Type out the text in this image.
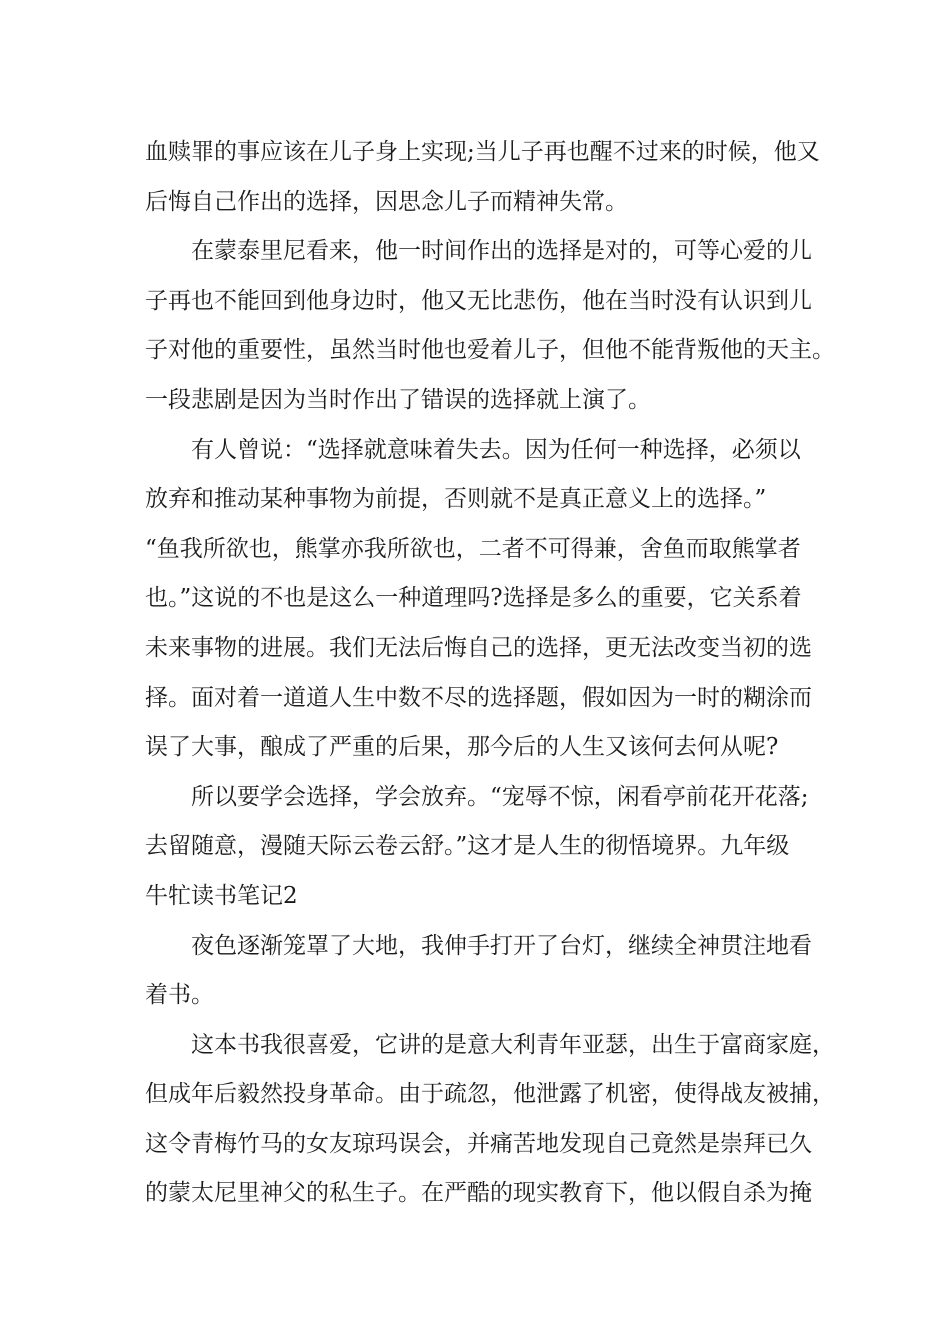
血赎罪的事应该在儿子身上实现;当儿子再也醒不过来的时候，他又
后悔自己作出的选择，因思念儿子而精神失常。
在蒙泰里尼看来，他一时间作出的选择是对的，可等心爱的儿
子再也不能回到他身边时，他又无比悲伤，他在当时没有认识到儿
子对他的重要性，虽然当时他也爱着儿子，但他不能背叛他的天主。
一段悲剧是因为当时作出了错误的选择就上演了。
有人曾说：“选择就意味着失去。因为任何一种选择，必须以
放弃和推动某种事物为前提，否则就不是真正意义上的选择。”
“鱼我所欲也，熊掌亦我所欲也，二者不可得兼，舍鱼而取熊掌者
也。”这说的不也是这么一种道理吗?选择是多么的重要，它关系着
未来事物的进展。我们无法后悔自己的选择，更无法改变当初的选
择。面对着一道道人生中数不尽的选择题，假如因为一时的糊涂而
误了大事，酿成了严重的后果，那今后的人生又该何去何从呢?
所以要学会选择，学会放弃。“宠辱不惊，闲看亭前花开花落;
去留随意，漫随天际云卷云舒。”这才是人生的彻悟境界。九年级
牛牤读书笔记2
夜色逐渐笼罩了大地，我伸手打开了台灯，继续全神贯注地看
着书。
这本书我很喜爱，它讲的是意大利青年亚瑟，出生于富商家庭，
但成年后毅然投身革命。由于疏忽，他泄露了机密，使得战友被捕，
这令青梅竹马的女友琼玛误会，并痛苦地发现自己竟然是崇拜已久
的蒙太尼里神父的私生子。在严酷的现实教育下，他以假自杀为掩
